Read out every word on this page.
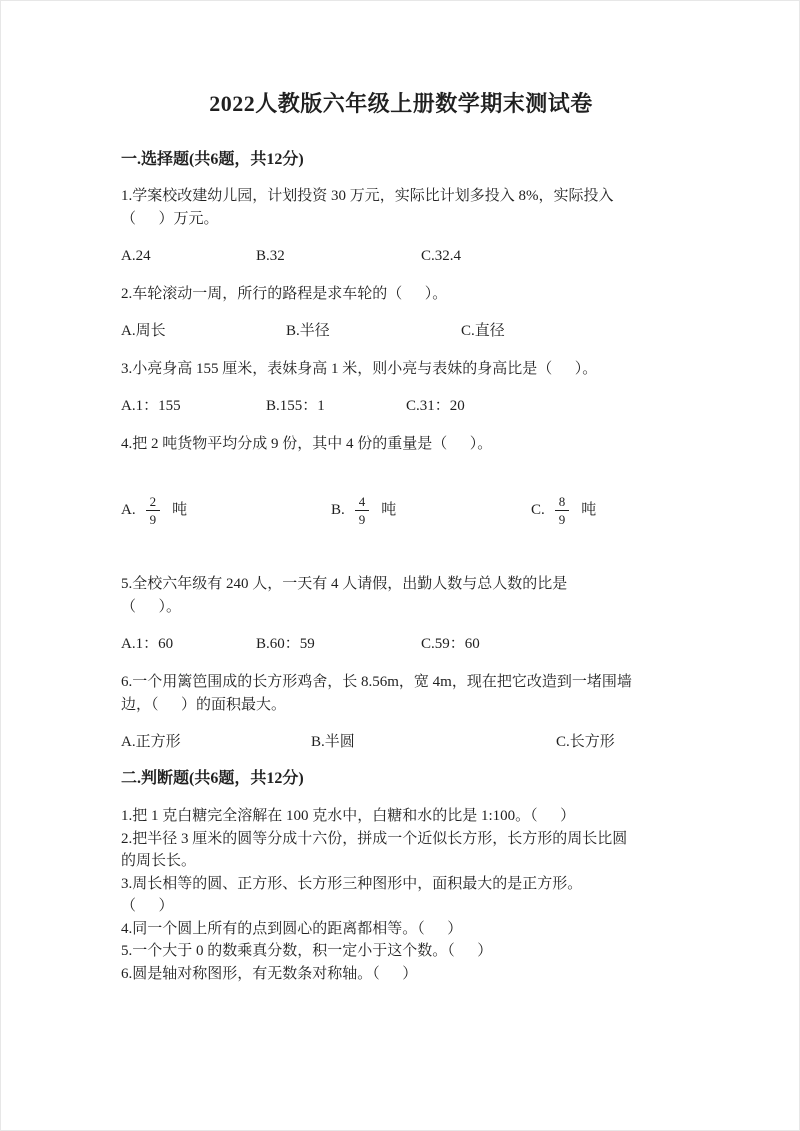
2022人教版六年级上册数学期末测试卷
一.选择题(共6题，共12分)

1.学案校改建幼儿园，计划投资 30 万元，实际比计划多投入 8%，实际投入

（      ）万元。

A.24	B.32	C.32.4

2.车轮滚动一周，所行的路程是求车轮的（      ）。

A.周长	B.半径	C.直径

3.小亮身高 155 厘米，表妹身高 1 米，则小亮与表妹的身高比是（      ）。

A.1：155	B.155：1	C.31：20

4.把 2 吨货物平均分成 9 份，其中 4 份的重量是（      ）。

A. $\frac{2}{9}$ 吨	B. $\frac{4}{9}$ 吨	C. $\frac{8}{9}$ 吨

5.全校六年级有 240 人，一天有 4 人请假，出勤人数与总人数的比是

（      ）。

A.1：60	B.60：59	C.59：60

6.一个用篱笆围成的长方形鸡舍，长 8.56m，宽 4m，现在把它改造到一堵围墙

边，（      ）的面积最大。

A.正方形	B.半圆	C.长方形
二.判断题(共6题，共12分)

1.把 1 克白糖完全溶解在 100 克水中，白糖和水的比是 1:100。（      ）

2.把半径 3 厘米的圆等分成十六份，拼成一个近似长方形，长方形的周长比圆

的周长长。

3.周长相等的圆、正方形、长方形三种图形中，面积最大的是正方形。

（      ）

4.同一个圆上所有的点到圆心的距离都相等。（      ）

5.一个大于 0 的数乘真分数，积一定小于这个数。（      ）

6.圆是轴对称图形，有无数条对称轴。（      ）
